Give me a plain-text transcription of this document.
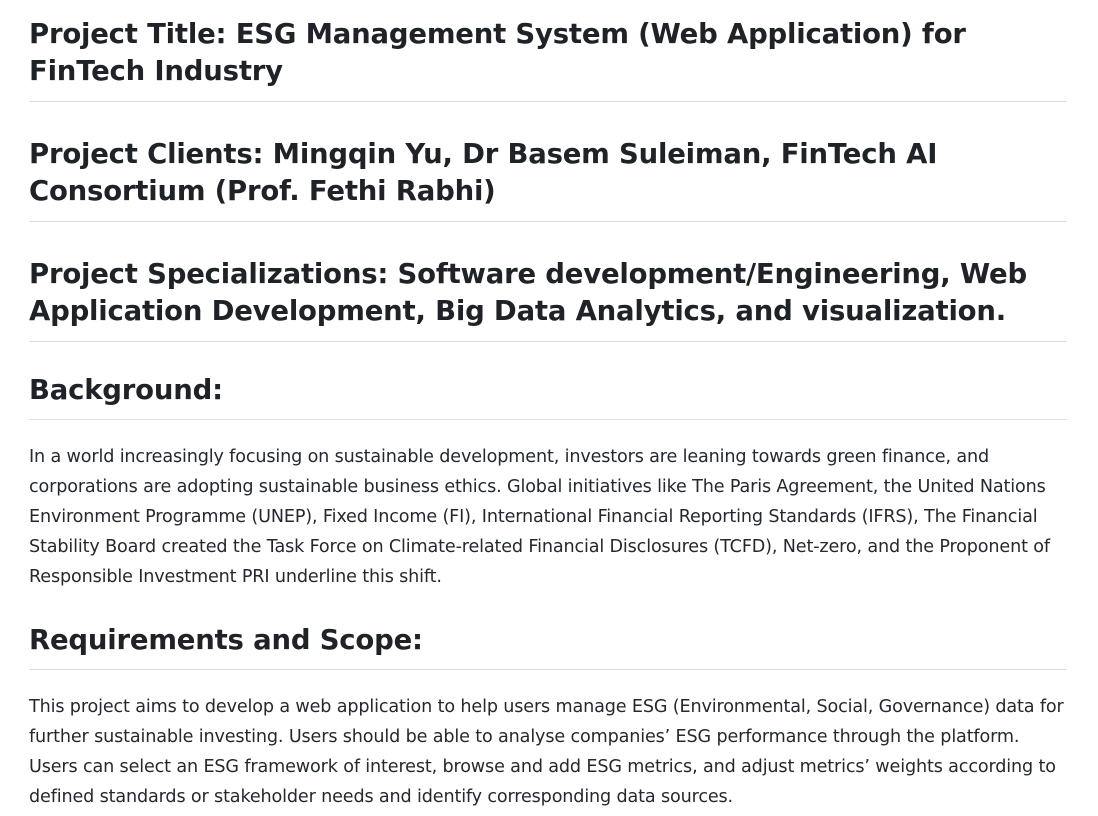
Project Title: ESG Management System (Web Application) for FinTech Industry
Project Clients: Mingqin Yu, Dr Basem Suleiman, FinTech AI Consortium (Prof. Fethi Rabhi)
Project Specializations: Software development/Engineering, Web Application Development, Big Data Analytics, and visualization.
Background:

In a world increasingly focusing on sustainable development, investors are leaning towards green finance, and corporations are adopting sustainable business ethics. Global initiatives like The Paris Agreement, the United Nations Environment Programme (UNEP), Fixed Income (FI), International Financial Reporting Standards (IFRS), The Financial Stability Board created the Task Force on Climate-related Financial Disclosures (TCFD), Net-zero, and the Proponent of Responsible Investment PRI underline this shift.

Requirements and Scope:

This project aims to develop a web application to help users manage ESG (Environmental, Social, Governance) data for further sustainable investing. Users should be able to analyse companies’ ESG performance through the platform. Users can select an ESG framework of interest, browse and add ESG metrics, and adjust metrics’ weights according to defined standards or stakeholder needs and identify corresponding data sources.
